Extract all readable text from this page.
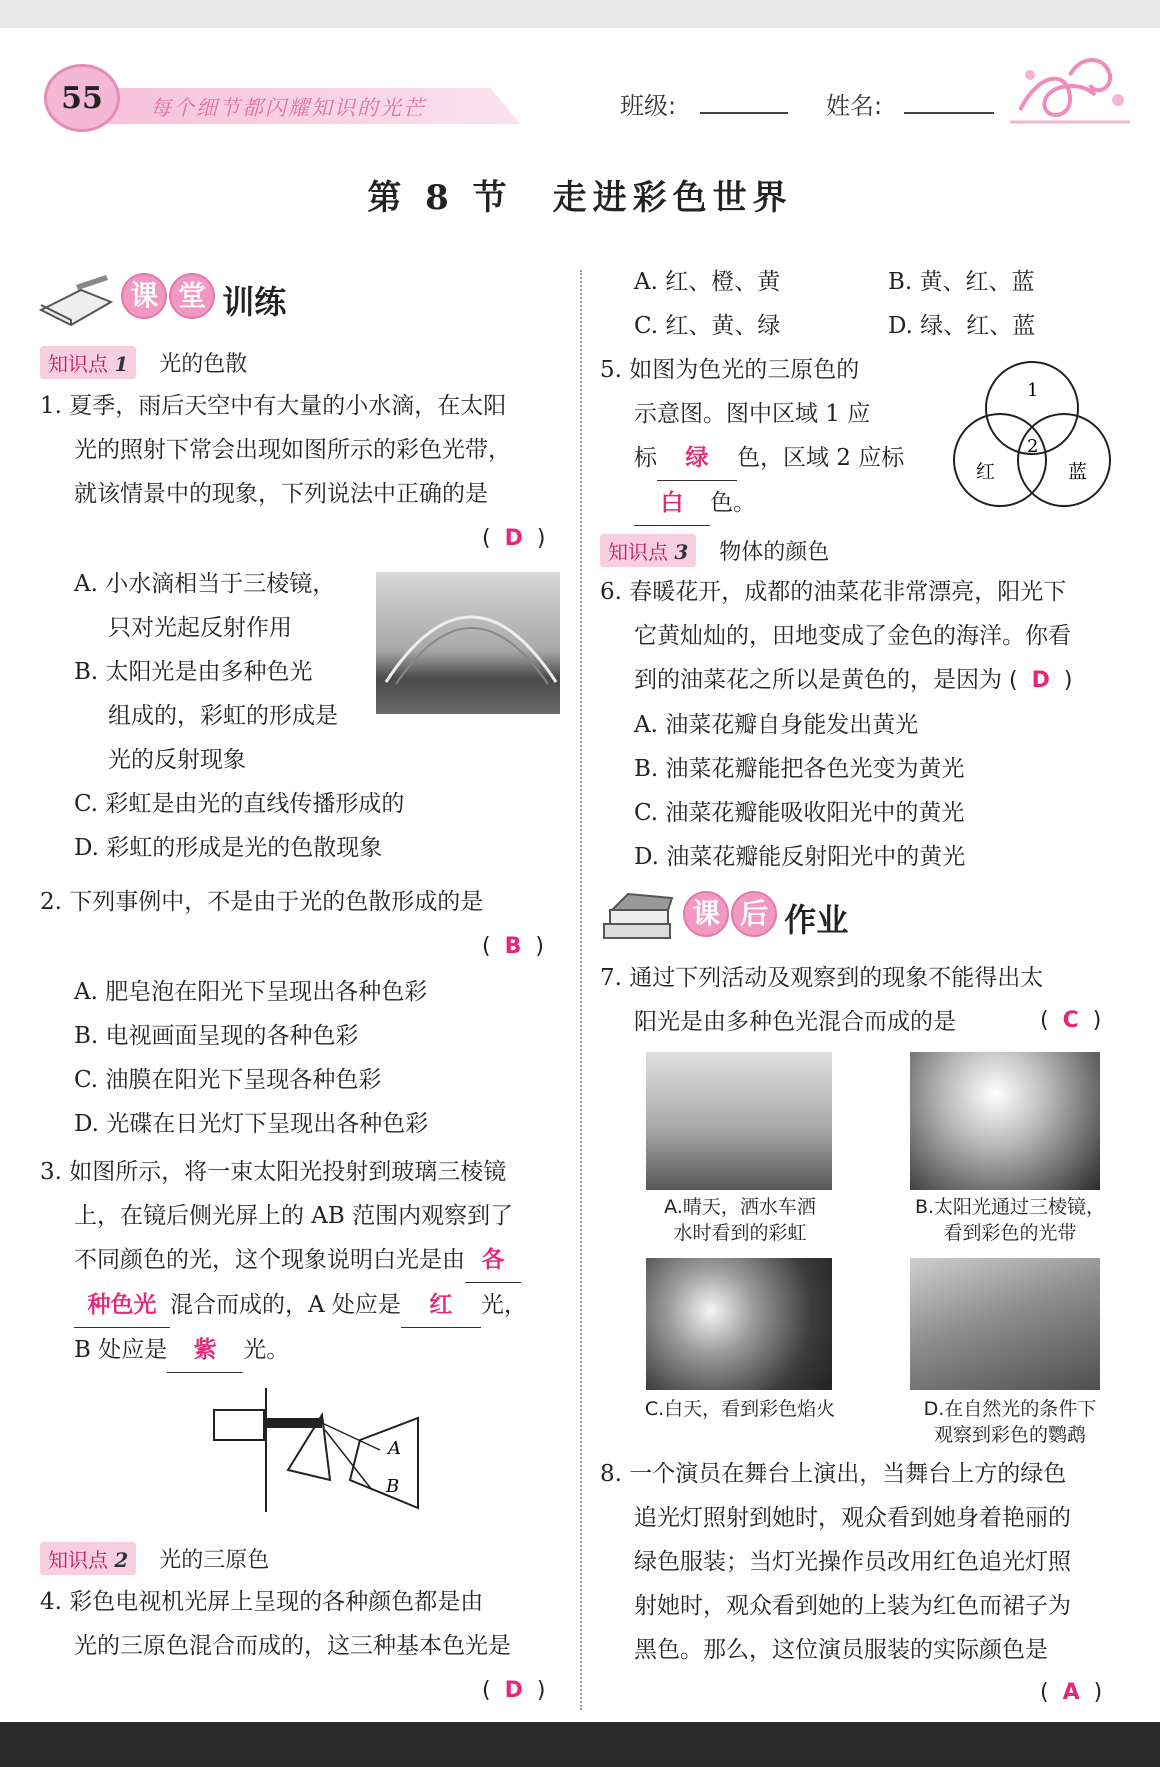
55	每个细节都闪耀知识的光芒	班级:	姓名:
第 8 节　走进彩色世界
课 堂 训练
知识点 1 光的色散
1. 夏季，雨后天空中有大量的小水滴，在太阳
光的照射下常会出现如图所示的彩色光带，
就该情景中的现象，下列说法中正确的是
( D )
A. 小水滴相当于三棱镜，
只对光起反射作用
B. 太阳光是由多种色光
组成的，彩虹的形成是
光的反射现象
C. 彩虹是由光的直线传播形成的
D. 彩虹的形成是光的色散现象
2. 下列事例中，不是由于光的色散形成的是
( B )
A. 肥皂泡在阳光下呈现出各种色彩
B. 电视画面呈现的各种色彩
C. 油膜在阳光下呈现各种色彩
D. 光碟在日光灯下呈现出各种色彩
3. 如图所示，将一束太阳光投射到玻璃三棱镜
上，在镜后侧光屏上的 AB 范围内观察到了
不同颜色的光，这个现象说明白光是由 各
种色光 混合而成的，A 处应是 红 光，
B 处应是 紫 光。
A
B
知识点 2 光的三原色
4. 彩色电视机光屏上呈现的各种颜色都是由
光的三原色混合而成的，这三种基本色光是
( D )
A. 红、橙、黄	B. 黄、红、蓝
C. 红、黄、绿	D. 绿、红、蓝
5. 如图为色光的三原色的
示意图。图中区域 1 应
标 绿 色，区域 2 应标
白 色。
1
2
红	蓝
知识点 3 物体的颜色
6. 春暖花开，成都的油菜花非常漂亮，阳光下
它黄灿灿的，田地变成了金色的海洋。你看
到的油菜花之所以是黄色的，是因为 ( D )
A. 油菜花瓣自身能发出黄光
B. 油菜花瓣能把各色光变为黄光
C. 油菜花瓣能吸收阳光中的黄光
D. 油菜花瓣能反射阳光中的黄光
课 后 作业
7. 通过下列活动及观察到的现象不能得出太
阳光是由多种色光混合而成的是	( C )
A.晴天，洒水车洒
水时看到的彩虹
B.太阳光通过三棱镜，
看到彩色的光带
C.白天，看到彩色焰火	D.在自然光的条件下
观察到彩色的鹦鹉
8. 一个演员在舞台上演出，当舞台上方的绿色
追光灯照射到她时，观众看到她身着艳丽的
绿色服装；当灯光操作员改用红色追光灯照
射她时，观众看到她的上装为红色而裙子为
黑色。那么，这位演员服装的实际颜色是
( A )
